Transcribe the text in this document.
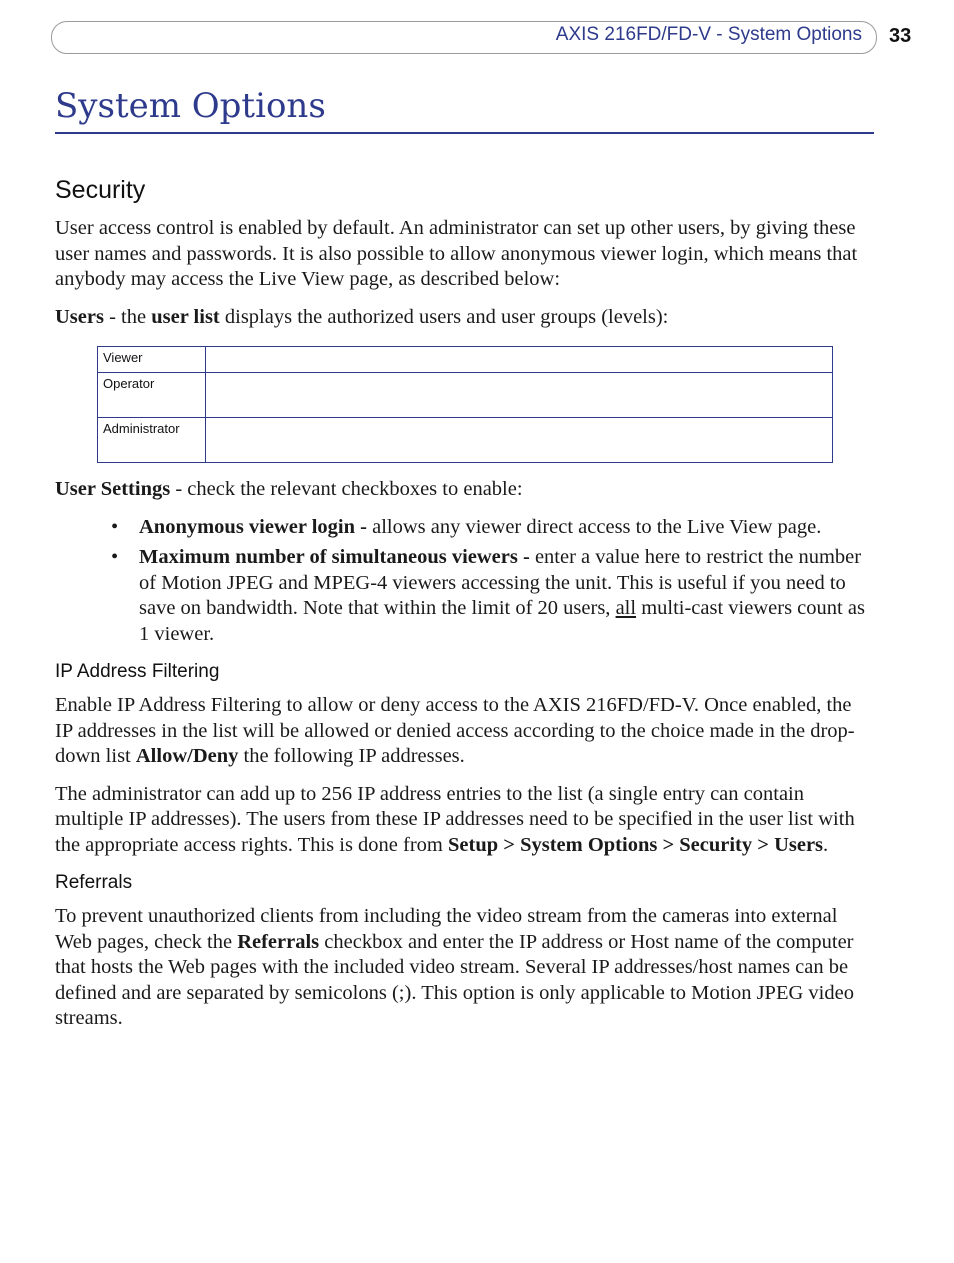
AXIS 216FD/FD-V - System Options 33
System Options
Security

User access control is enabled by default. An administrator can set up other users, by giving these user names and passwords. It is also possible to allow anonymous viewer login, which means that anybody may access the Live View page, as described below:

Users - the user list displays the authorized users and user groups (levels):

Viewer	
Operator	
Administrator	

User Settings - check the relevant checkboxes to enable:

• Anonymous viewer login - allows any viewer direct access to the Live View page.
• Maximum number of simultaneous viewers - enter a value here to restrict the number of Motion JPEG and MPEG-4 viewers accessing the unit. This is useful if you need to save on bandwidth. Note that within the limit of 20 users, all multi-cast viewers count as 1 viewer.
IP Address Filtering

Enable IP Address Filtering to allow or deny access to the AXIS 216FD/FD-V. Once enabled, the IP addresses in the list will be allowed or denied access according to the choice made in the drop-down list Allow/Deny the following IP addresses.

The administrator can add up to 256 IP address entries to the list (a single entry can contain multiple IP addresses). The users from these IP addresses need to be specified in the user list with the appropriate access rights. This is done from Setup > System Options > Security > Users.

Referrals

To prevent unauthorized clients from including the video stream from the cameras into external Web pages, check the Referrals checkbox and enter the IP address or Host name of the computer that hosts the Web pages with the included video stream. Several IP addresses/host names can be defined and are separated by semicolons (;). This option is only applicable to Motion JPEG video streams.
